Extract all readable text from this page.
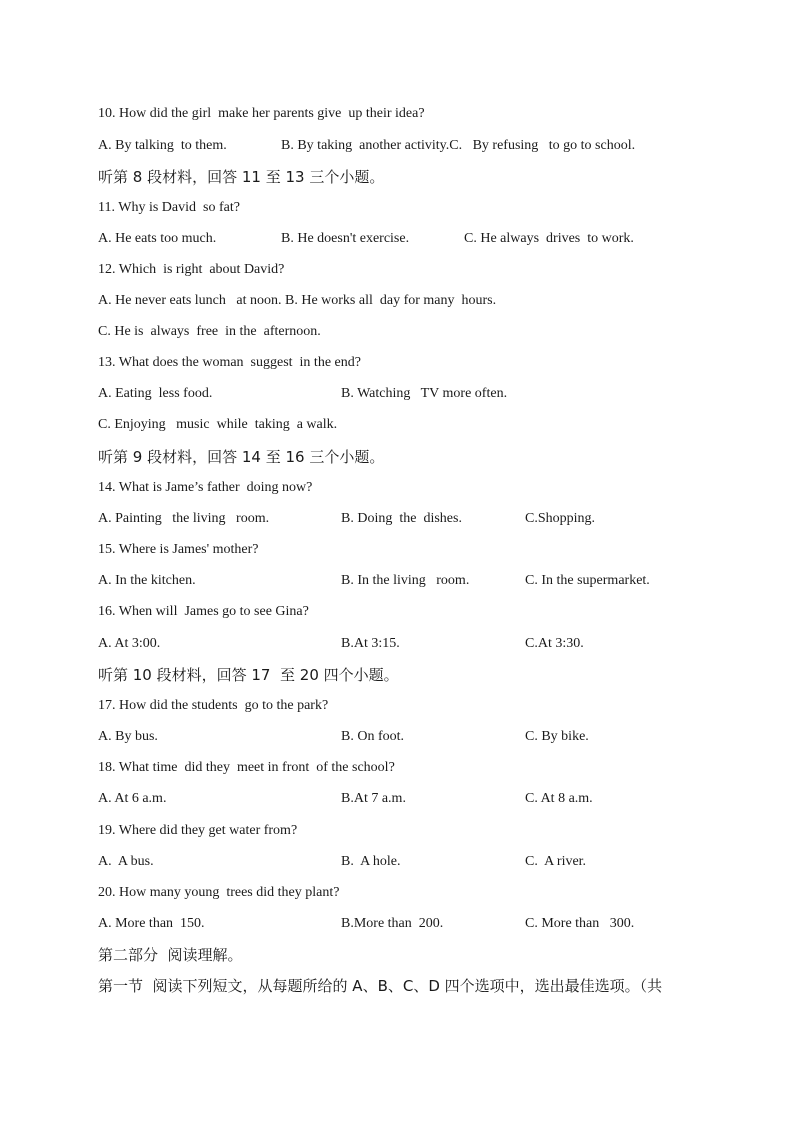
10. How did the girl  make her parents give  up their idea?
A. By talking  to them.	B. By taking  another activity.C.   By refusing   to go to school.
听第 8 段材料，回答 11 至 13 三个小题。
11. Why is David  so fat?
A. He eats too much.	B. He doesn't exercise.	C. He always  drives  to work.
12. Which  is right  about David?
A. He never eats lunch   at noon. B. He works all  day for many  hours.
C. He is  always  free  in the  afternoon.
13. What does the woman  suggest  in the end?
A. Eating  less food.	B. Watching   TV more often.
C. Enjoying   music  while  taking  a walk.
听第 9 段材料，回答 14 至 16 三个小题。
14. What is Jame’s father  doing now?
A. Painting   the living   room.	B. Doing  the  dishes.	C.Shopping.
15. Where is James' mother?
A. In the kitchen.	B. In the living   room.	C. In the supermarket.
16. When will  James go to see Gina?
A. At 3:00.	B.At 3:15.	C.At 3:30.
听第 10 段材料，回答 17  至 20 四个小题。
17. How did the students  go to the park?
A. By bus.	B. On foot.	C. By bike.
18. What time  did they  meet in front  of the school?
A. At 6 a.m.	B.At 7 a.m.	C. At 8 a.m.
19. Where did they get water from?
A.  A bus.	B.  A hole.	C.  A river.
20. How many young  trees did they plant?
A. More than  150.	B.More than  200.	C. More than   300.
第二部分  阅读理解。
第一节  阅读下列短文，从每题所给的 A、B、C、D 四个选项中，选出最佳选项。（共
